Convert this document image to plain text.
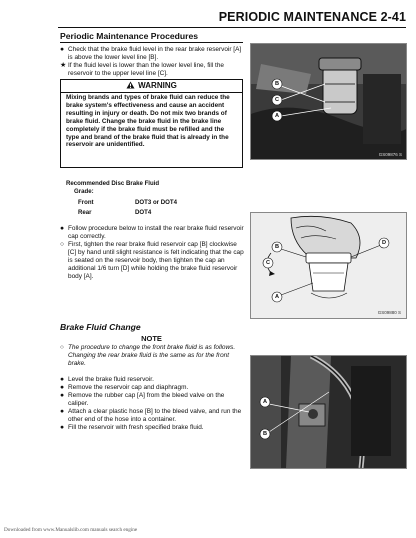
PERIODIC MAINTENANCE 2-41
Periodic Maintenance Procedures
● Check that the brake fluid level in the rear brake reservoir [A] is above the lower level line [B].
★ If the fluid level is lower than the lower level line, fill the reservoir to the upper level line [C].
WARNING
Mixing brands and types of brake fluid can reduce the brake system's effectiveness and cause an accident resulting in injury or death. Do not mix two brands of brake fluid. Change the brake fluid in the brake line completely if the brake fluid must be refilled and the type and brand of the brake fluid that is already in the reservoir are unidentified.
Recommended Disc Brake Fluid
Grade:
Front	DOT3 or DOT4
Rear	DOT4
● Follow procedure below to install the rear brake fluid reservoir cap correctly.
○ First, tighten the rear brake fluid reservoir cap [B] clockwise [C] by hand until slight resistance is felt indicating that the cap is seated on the reservoir body, then tighten the cap an additional 1/6 turn [D] while holding the brake fluid reservoir body [A].
Brake Fluid Change
NOTE
○ The procedure to change the front brake fluid is as follows. Changing the rear brake fluid is the same as for the front brake.
● Level the brake fluid reservoir.
● Remove the reservoir cap and diaphragm.
● Remove the rubber cap [A] from the bleed valve on the caliper.
● Attach a clear plastic hose [B] to the bleed valve, and run the other end of the hose into a container.
● Fill the reservoir with fresh specified brake fluid.
B
C
A
GS09876 S
B
D
C
A
GS09880 S
A
B
Downloaded from www.Manualslib.com manuals search engine
